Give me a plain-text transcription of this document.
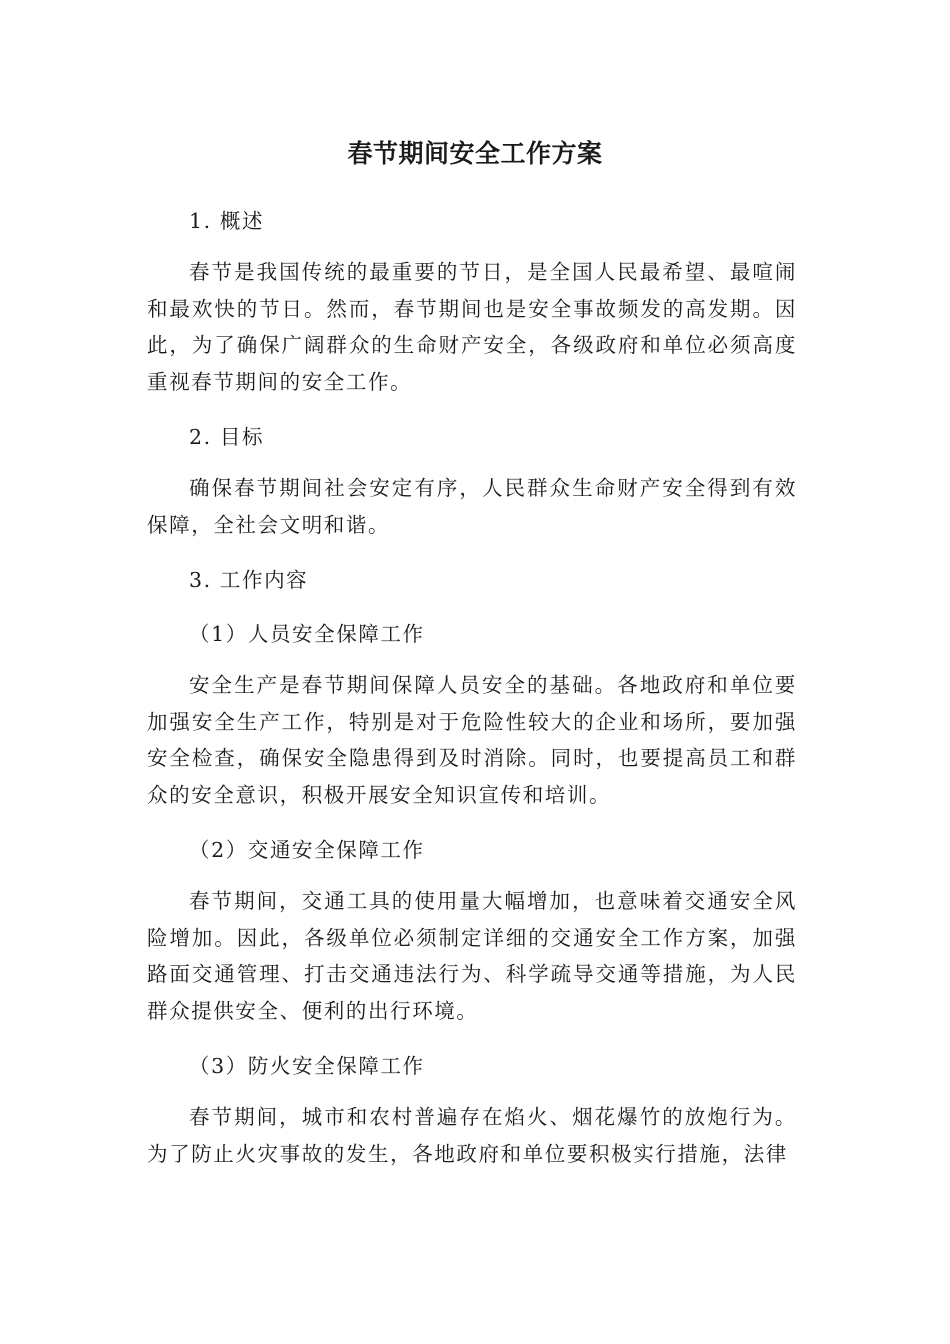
春节期间安全工作方案

1. 概述

春节是我国传统的最重要的节日，是全国人民最希望、最喧闹和最欢快的节日。然而，春节期间也是安全事故频发的高发期。因此，为了确保广阔群众的生命财产安全，各级政府和单位必须高度重视春节期间的安全工作。

2. 目标

确保春节期间社会安定有序，人民群众生命财产安全得到有效保障，全社会文明和谐。

3. 工作内容

（1）人员安全保障工作

安全生产是春节期间保障人员安全的基础。各地政府和单位要加强安全生产工作，特别是对于危险性较大的企业和场所，要加强安全检查，确保安全隐患得到及时消除。同时，也要提高员工和群众的安全意识，积极开展安全知识宣传和培训。

（2）交通安全保障工作

春节期间，交通工具的使用量大幅增加，也意味着交通安全风险增加。因此，各级单位必须制定详细的交通安全工作方案，加强路面交通管理、打击交通违法行为、科学疏导交通等措施，为人民群众提供安全、便利的出行环境。

（3）防火安全保障工作

春节期间，城市和农村普遍存在焰火、烟花爆竹的放炮行为。为了防止火灾事故的发生，各地政府和单位要积极实行措施，法律
